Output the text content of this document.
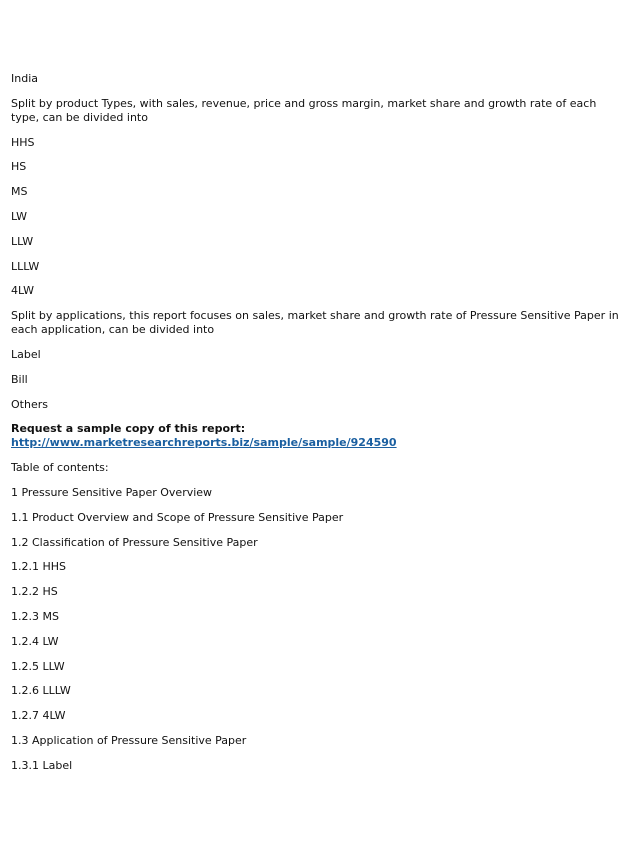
India

Split by product Types, with sales, revenue, price and gross margin, market share and growth rate of each type, can be divided into

HHS

HS

MS

LW

LLW

LLLW

4LW

Split by applications, this report focuses on sales, market share and growth rate of Pressure Sensitive Paper in each application, can be divided into

Label

Bill

Others

Request a sample copy of this report:
http://www.marketresearchreports.biz/sample/sample/924590

Table of contents:

1 Pressure Sensitive Paper Overview

1.1 Product Overview and Scope of Pressure Sensitive Paper

1.2 Classification of Pressure Sensitive Paper

1.2.1 HHS

1.2.2 HS

1.2.3 MS

1.2.4 LW

1.2.5 LLW

1.2.6 LLLW

1.2.7 4LW

1.3 Application of Pressure Sensitive Paper

1.3.1 Label
